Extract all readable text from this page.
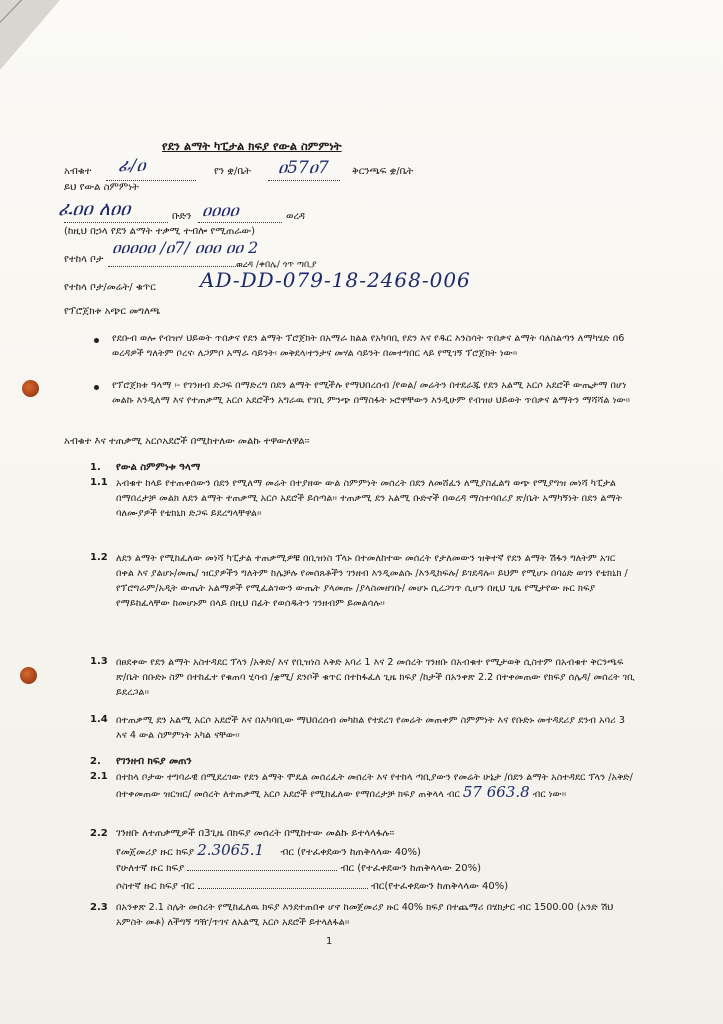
የደን ልማት ካፒታል ክፍያ የውል ስምምነት
አብቁተ ፊ/ዐ	የን ቋ/ቤት ዐ57ዐ7 ቅርንጫፍ ቋ/ቤት
ይህ የውል ስምምነት
ፈዐዐ ለዐዐ	ቡድን ዐዐዐዐ	ወረዳ
(ከዚህ በኃላ የደን ልማት ተቃሚ ተብሎ የሚጠራው)
የተከላ ቦታ
ዐዐዐዐዐ /ዐ7/ ዐዐዐ ዐዐ 2
ወረዳ /ቀበሌ/ ጎጥ ጣቢያ
የተከላ ቦታ/መሬት/ ቁጥር AD-DD-079-18-2468-006
የፕሮጀክቱ አጭር መግለጫ
የደቡብ ወሎ የብዝሃ ህይወት ጥበቃና የደን ልማት ፕሮጀክት በአማራ ክልል የአካባቢ የደን እና የዱር እንስሳት ጥበቃና ልማት ባለስልጣን ለማካሄድ በ6 ወረዳዎች ግለትም ቦረና፡ ለጋምቦ አማራ ሳይንት፡ መቅደላ፡ተንታና መሃል ሳይንት በመተግበር ላይ የሚገኝ ፕሮጀክት ነው፡፡
የፕሮጀክቱ ዓላማ ፡- የገንዘብ ድጋፍ በማድረግ በደን ልማት የሚችሉ የማህበረሰብ /የወል/ መሬትን በተደራጁ የደን አልሚ አርሶ አደሮች ውጤታማ በሆነ መልኩ እንዲለማ እና የተጠቃሚ አርሶ አደሮችን አግራዉ የገቢ ምንጭ በማስፋት ኑሮዋቸውን እንዲሁም የብዝሀ ህይወት ጥበቃና ልማትን ማሻሻል ነው፡፡
አብቁተ እና ተጠቃሚ አርሶአደሮች በሚከተለው መልኩ ተዋውለዋል፡፡
1. የውል ስምምነቱ ዓላማ
1.1 አብቁተ ከላይ የተጠቀሰውን በደን የሚለማ መሬት በተያዘው ውል ስምምነት መሰረት በደን ለመሸፈን ለሚያስፈልግ ወጭ የሚያግዝ መነሻ ካፒታል በማበረታቻ መልክ ለደን ልማት ተጠቃሚ አርሶ አደሮች ይሰጣል፡፡ ተጠቃሚ ደን አልሚ ቡድኖች በወረዳ ማስተባበሪያ ጽ/ቤት አማካኝነት በደን ልማት ባለሙያዎች የቴክኒክ ድጋፍ ይደረግላቸዋል፡፡
1.2 ለደን ልማት የሚከፈለው መነሻ ካፒታል ተጠቃሚዎቹ በቢዝነስ ፕላኑ በተመለከተው መሰረት የታለመውን ዝቅተኛ የደን ልማት ሽፋን ግለትም አገር በቀል እና ያልሆኑ/መጤ/ ዝርያዎችን ግለትም ከሌቻሉ የመሰጸቶችን ገንዘብ እንዲመልሱ /እንዲከፍሉ/ ይገደዳሉ፡፡ ይህም የሚሆኑ በባዕድ ወገን የቴክኒክ /የፕሮግራም/አዲት ውጤት አልማዎች የሚፈልገውን ውጤት ያላመጡ /ያላስመዘገቡ/ መሆኑ ሲረጋገጥ ሲሆን በዚህ ጊዜ የሚታየው ዙር ክፍያ የማይከፈላቸው ከመሆኑም በላይ በዚህ በፊት የወሰዱትን ገንዘብም ይመልሳሉ፡፡
1.3 በፀደቀው የደን ልማት አስተዳደር ፕላን /አቅድ/ እና የቢዝነስ እቅድ አባሪ 1 እና 2 መሰረት ገንዘቡ በአብቁተ የሚታወቅ ሲስተም በአብቁተ ቅርንጫፍ ጽ/ቤት በቡድኑ ስም በተከፈተ የቁጠባ ሂሳብ /ቋሚ/ ደንቦች ቁጥር በተከፋፈለ ጊዜ ክፍያ /ከታች በአንቀጽ 2.2 በተቀመጠው የክፍያ ሰሌዳ/ መሰረት ገቢ ይደረጋል፡፡
1.4 በተጠቃሚ ደን አልሚ አርሶ አደሮች እና በአካባቢው ማህበረሰብ መካከል የተደረገ የመሬት መጠቀም ስምምነት እና የቡድኑ መተዳደሪያ ደንብ አባሪ 3 እና 4 ውል ስምምነት አካል ናቸው፡፡
2. የገንዘብ ክፍያ መጠን
2.1 በተከላ ቦታው ተግባራዊ በሚደረገው የደን ልማት ሞዴል መሰረፈት መሰረት እና የተከላ ጣቢያውን የመሬት ሁኔታ /በደን ልማት አስተዳደር ፕላን /አቅድ/ በተቀመጠው ዝርዝር/ መሰረት ለተጠቃሚ አርሶ አደሮች የሚከፈለው የማበረታቻ ክፍያ ጠቅላላ ብር 57 663.8 ብር ነው፡፡
2.2 ገንዘቡ ለተጠቃሚዎች በ3ጊዜ በክፍያ መሰረት በሚከተው መልኩ ይተላላፋሉ፡፡
የመጀመሪያ ዙር ክፍያ 2.3065.1 ብር (የተፈቀደውን ከጠቅላላው 40%)
የሁለተኛ ዙር ክፍያ	ብር (የተፈቀደውን ከጠቅላላው 20%)
ሶስተኛ ዙር ክፍያ ብር	ብር(የተፈቀደውን ከጠቅላላው 40%)
2.3 በአንቀጽ 2.1 ስሌት መሰረት የሚከፈለዉ ክፍያ እንደተጠበቀ ሆኖ ከመጀመሪያ ዙር 40% ክፍያ በተጨማሪ በሄክታር ብር 1500.00 (አንድ ሽህ አምስት መቶ) ለችግኝ ግዥ/ጥገና ለአልሚ አርሶ አደሮች ይተላለፋል፡፡
1
